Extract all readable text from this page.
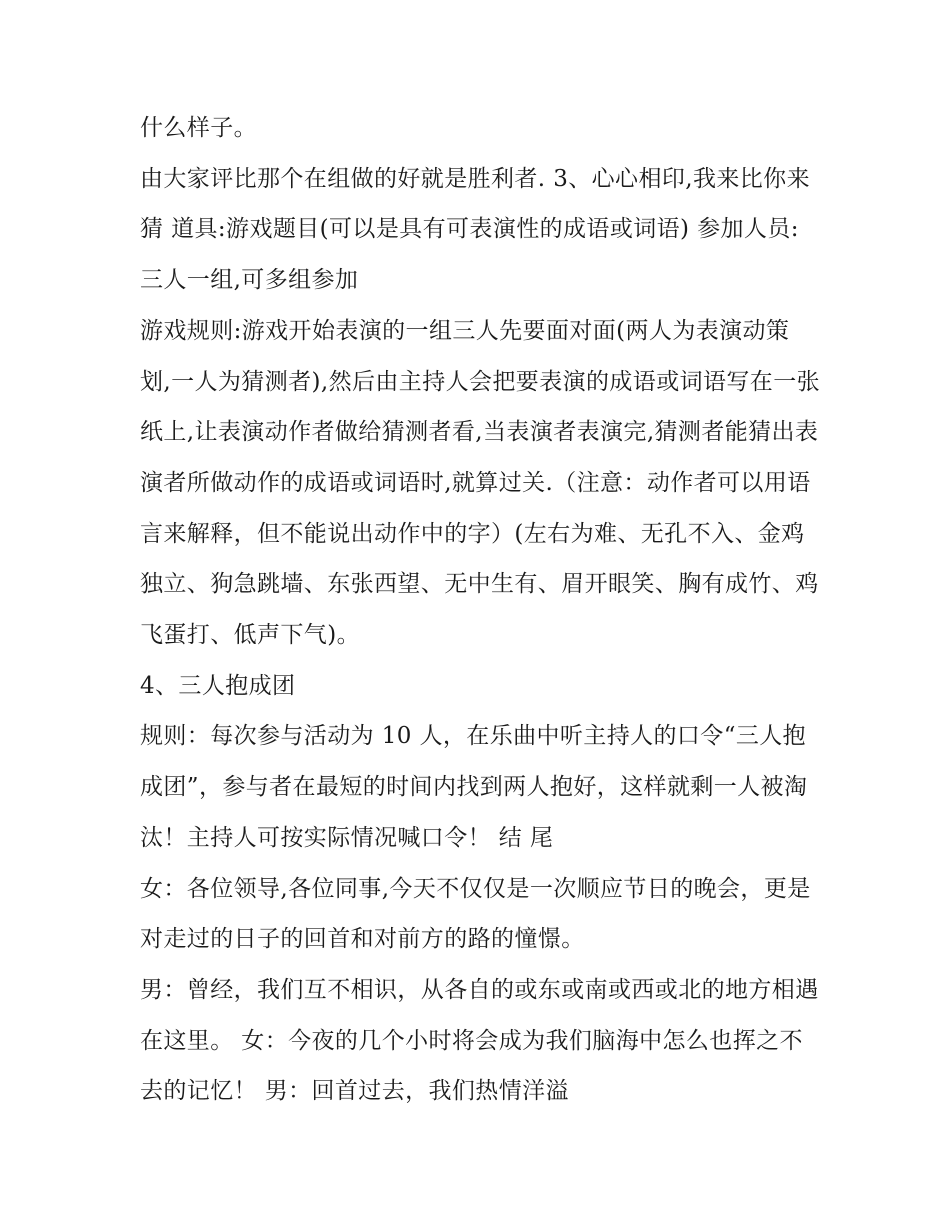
什么样子。

由大家评比那个在组做的好就是胜利者. 3、心心相印,我来比你来猜 道具:游戏题目(可以是具有可表演性的成语或词语) 参加人员:三人一组,可多组参加

游戏规则:游戏开始表演的一组三人先要面对面(两人为表演动策划,一人为猜测者),然后由主持人会把要表演的成语或词语写在一张纸上,让表演动作者做给猜测者看,当表演者表演完,猜测者能猜出表演者所做动作的成语或词语时,就算过关.（注意：动作者可以用语言来解释，但不能说出动作中的字）(左右为难、无孔不入、金鸡独立、狗急跳墙、东张西望、无中生有、眉开眼笑、胸有成竹、鸡飞蛋打、低声下气)。

4、三人抱成团

规则：每次参与活动为 10 人，在乐曲中听主持人的口令“三人抱成团”，参与者在最短的时间内找到两人抱好，这样就剩一人被淘汰！主持人可按实际情况喊口令！ 结 尾

女：各位领导,各位同事,今天不仅仅是一次顺应节日的晚会，更是对走过的日子的回首和对前方的路的憧憬。

男：曾经，我们互不相识，从各自的或东或南或西或北的地方相遇在这里。 女：今夜的几个小时将会成为我们脑海中怎么也挥之不去的记忆！ 男：回首过去，我们热情洋溢
